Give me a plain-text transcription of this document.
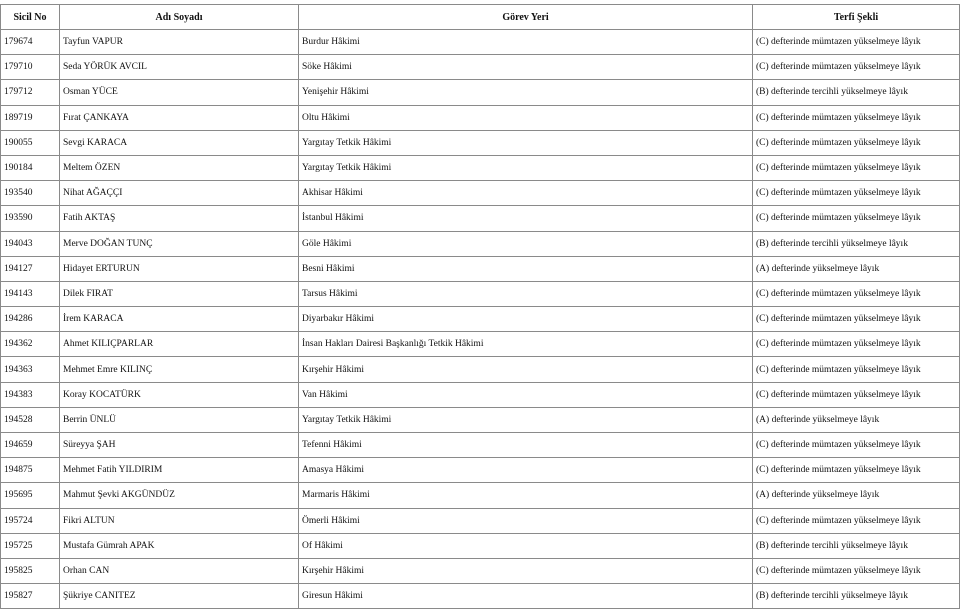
Sicil No	Adı Soyadı	Görev Yeri	Terfi Şekli
179674	Tayfun VAPUR	Burdur Hâkimi	(C) defterinde mümtazen yükselmeye lâyık
179710	Seda YÖRÜK AVCIL	Söke Hâkimi	(C) defterinde mümtazen yükselmeye lâyık
179712	Osman YÜCE	Yenişehir Hâkimi	(B) defterinde tercihli yükselmeye lâyık
189719	Fırat ÇANKAYA	Oltu Hâkimi	(C) defterinde mümtazen yükselmeye lâyık
190055	Sevgi KARACA	Yargıtay Tetkik Hâkimi	(C) defterinde mümtazen yükselmeye lâyık
190184	Meltem ÖZEN	Yargıtay Tetkik Hâkimi	(C) defterinde mümtazen yükselmeye lâyık
193540	Nihat AĞAÇÇI	Akhisar Hâkimi	(C) defterinde mümtazen yükselmeye lâyık
193590	Fatih AKTAŞ	İstanbul Hâkimi	(C) defterinde mümtazen yükselmeye lâyık
194043	Merve DOĞAN TUNÇ	Göle Hâkimi	(B) defterinde tercihli yükselmeye lâyık
194127	Hidayet ERTURUN	Besni Hâkimi	(A) defterinde yükselmeye lâyık
194143	Dilek FIRAT	Tarsus Hâkimi	(C) defterinde mümtazen yükselmeye lâyık
194286	İrem KARACA	Diyarbakır Hâkimi	(C) defterinde mümtazen yükselmeye lâyık
194362	Ahmet KILIÇPARLAR	İnsan Hakları Dairesi Başkanlığı Tetkik Hâkimi	(C) defterinde mümtazen yükselmeye lâyık
194363	Mehmet Emre KILINÇ	Kırşehir Hâkimi	(C) defterinde mümtazen yükselmeye lâyık
194383	Koray KOCATÜRK	Van Hâkimi	(C) defterinde mümtazen yükselmeye lâyık
194528	Berrin ÜNLÜ	Yargıtay Tetkik Hâkimi	(A) defterinde yükselmeye lâyık
194659	Süreyya ŞAH	Tefenni Hâkimi	(C) defterinde mümtazen yükselmeye lâyık
194875	Mehmet Fatih YILDIRIM	Amasya Hâkimi	(C) defterinde mümtazen yükselmeye lâyık
195695	Mahmut Şevki AKGÜNDÜZ	Marmaris Hâkimi	(A) defterinde yükselmeye lâyık
195724	Fikri ALTUN	Ömerli Hâkimi	(C) defterinde mümtazen yükselmeye lâyık
195725	Mustafa Gümrah APAK	Of Hâkimi	(B) defterinde tercihli yükselmeye lâyık
195825	Orhan CAN	Kırşehir Hâkimi	(C) defterinde mümtazen yükselmeye lâyık
195827	Şükriye CANITEZ	Giresun Hâkimi	(B) defterinde tercihli yükselmeye lâyık
